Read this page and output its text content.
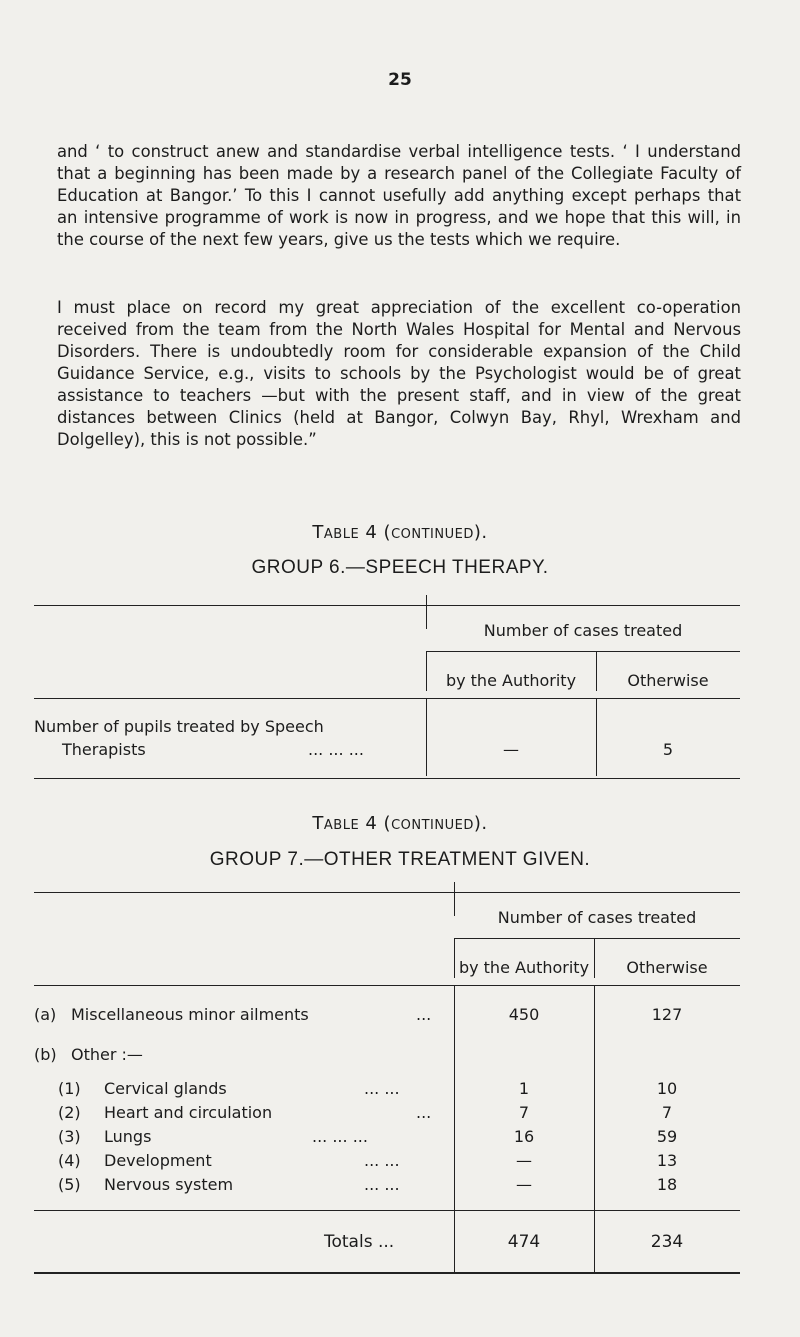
25

and ‘ to construct anew and standardise verbal intelligence tests. ‘ I understand that a beginning has been made by a research panel of the Collegiate Faculty of Education at Bangor.’ To this I cannot usefully add anything except perhaps that an intensive programme of work is now in progress, and we hope that this will, in the course of the next few years, give us the tests which we require.

I must place on record my great appreciation of the excellent co-operation received from the team from the North Wales Hospital for Mental and Nervous Disorders. There is undoubtedly room for considerable expansion of the Child Guidance Service, e.g., visits to schools by the Psychologist would be of great assistance to teachers —but with the present staff, and in view of the great distances between Clinics (held at Bangor, Colwyn Bay, Rhyl, Wrexham and Dolgelley), this is not possible.”

Table 4 (continued).
GROUP 6.—SPEECH THERAPY.
Number of cases treated
by the Authority	Otherwise
Number of pupils treated by Speech
Therapists	... ... ...	—	5
Table 4 (continued).
GROUP 7.—OTHER TREATMENT GIVEN.
Number of cases treated
by the Authority	Otherwise
(a) Miscellaneous minor ailments	...	450	127
(b) Other :—
(1) Cervical glands	... ...	1	10
(2) Heart and circulation	...	7	7
(3) Lungs	... ... ...	16	59
(4) Development	... ...	—	13
(5) Nervous system	... ...	—	18
Totals ...	474	234
